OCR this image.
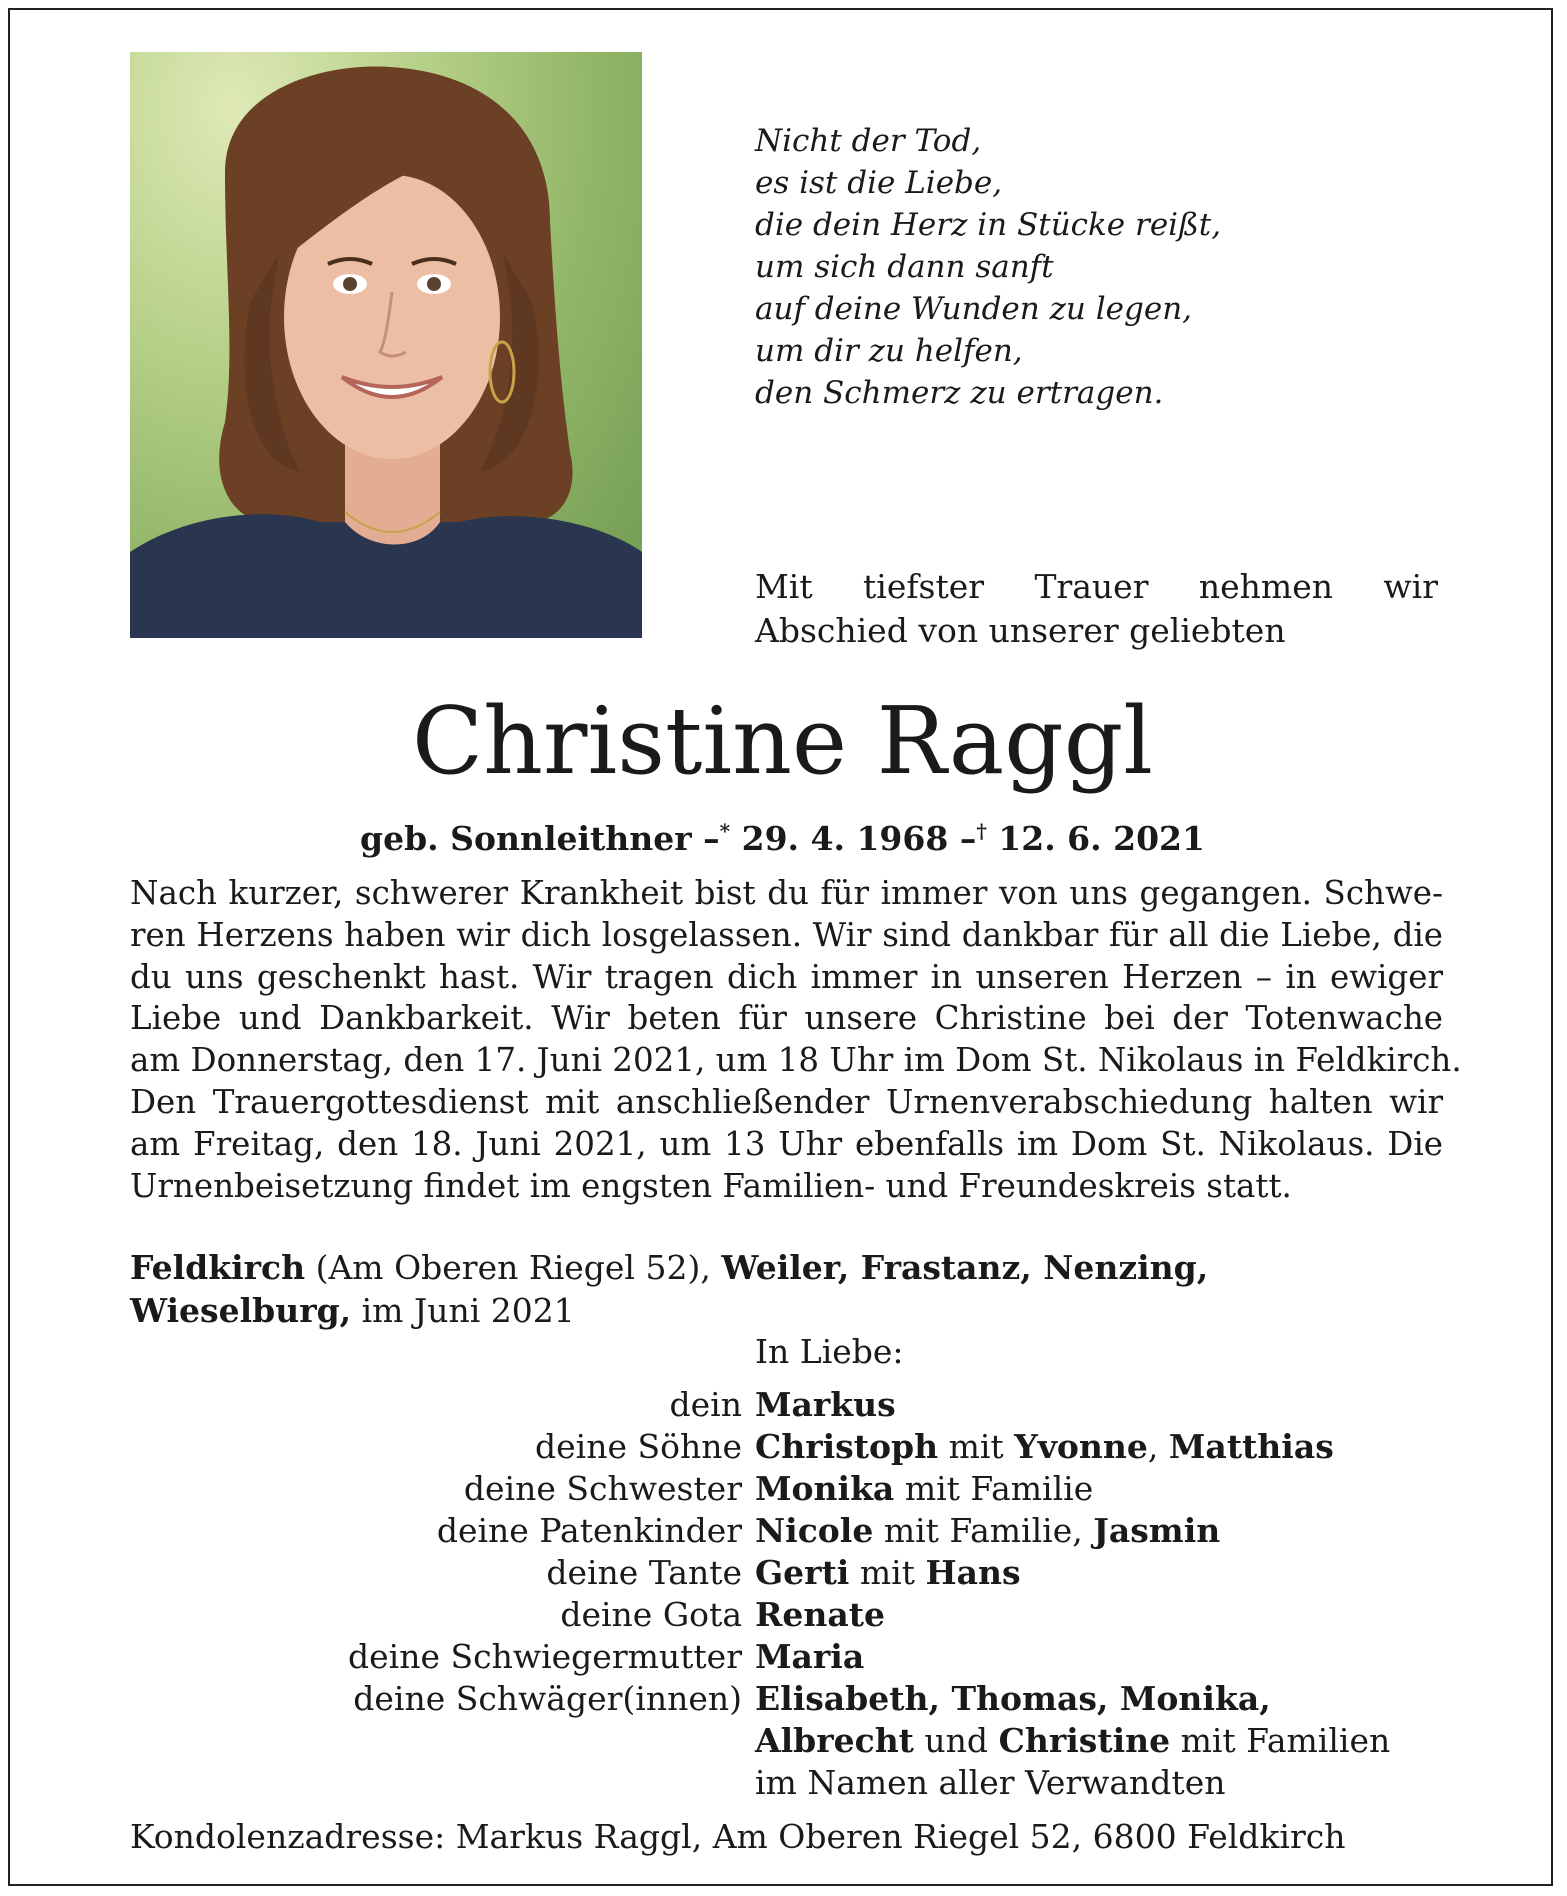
Nicht der Tod,
es ist die Liebe,
die dein Herz in Stücke reißt,
um sich dann sanft
auf deine Wunden zu legen,
um dir zu helfen,
den Schmerz zu ertragen.
Mit tiefster Trauer nehmen wir
Abschied von unserer geliebten
Christine Raggl
geb. Sonnleithner –* 29. 4. 1968 –† 12. 6. 2021
Nach kurzer, schwerer Krankheit bist du für immer von uns gegangen. Schwe-
ren Herzens haben wir dich losgelassen. Wir sind dankbar für all die Liebe, die
du uns geschenkt hast. Wir tragen dich immer in unseren Herzen – in ewiger
Liebe und Dankbarkeit. Wir beten für unsere Christine bei der Totenwache
am Donnerstag, den 17. Juni 2021, um 18 Uhr im Dom St. Nikolaus in Feldkirch.
Den Trauergottesdienst mit anschließender Urnenverabschiedung halten wir
am Freitag, den 18. Juni 2021, um 13 Uhr ebenfalls im Dom St. Nikolaus. Die
Urnenbeisetzung findet im engsten Familien- und Freundeskreis statt.
Feldkirch (Am Oberen Riegel 52), Weiler, Frastanz, Nenzing,
Wieselburg, im Juni 2021
In Liebe:
dein Markus
deine Söhne Christoph mit Yvonne, Matthias
deine Schwester Monika mit Familie
deine Patenkinder Nicole mit Familie, Jasmin
deine Tante Gerti mit Hans
deine Gota Renate
deine Schwiegermutter Maria
deine Schwäger(innen) Elisabeth, Thomas, Monika,
Albrecht und Christine mit Familien
im Namen aller Verwandten
Kondolenzadresse: Markus Raggl, Am Oberen Riegel 52, 6800 Feldkirch
